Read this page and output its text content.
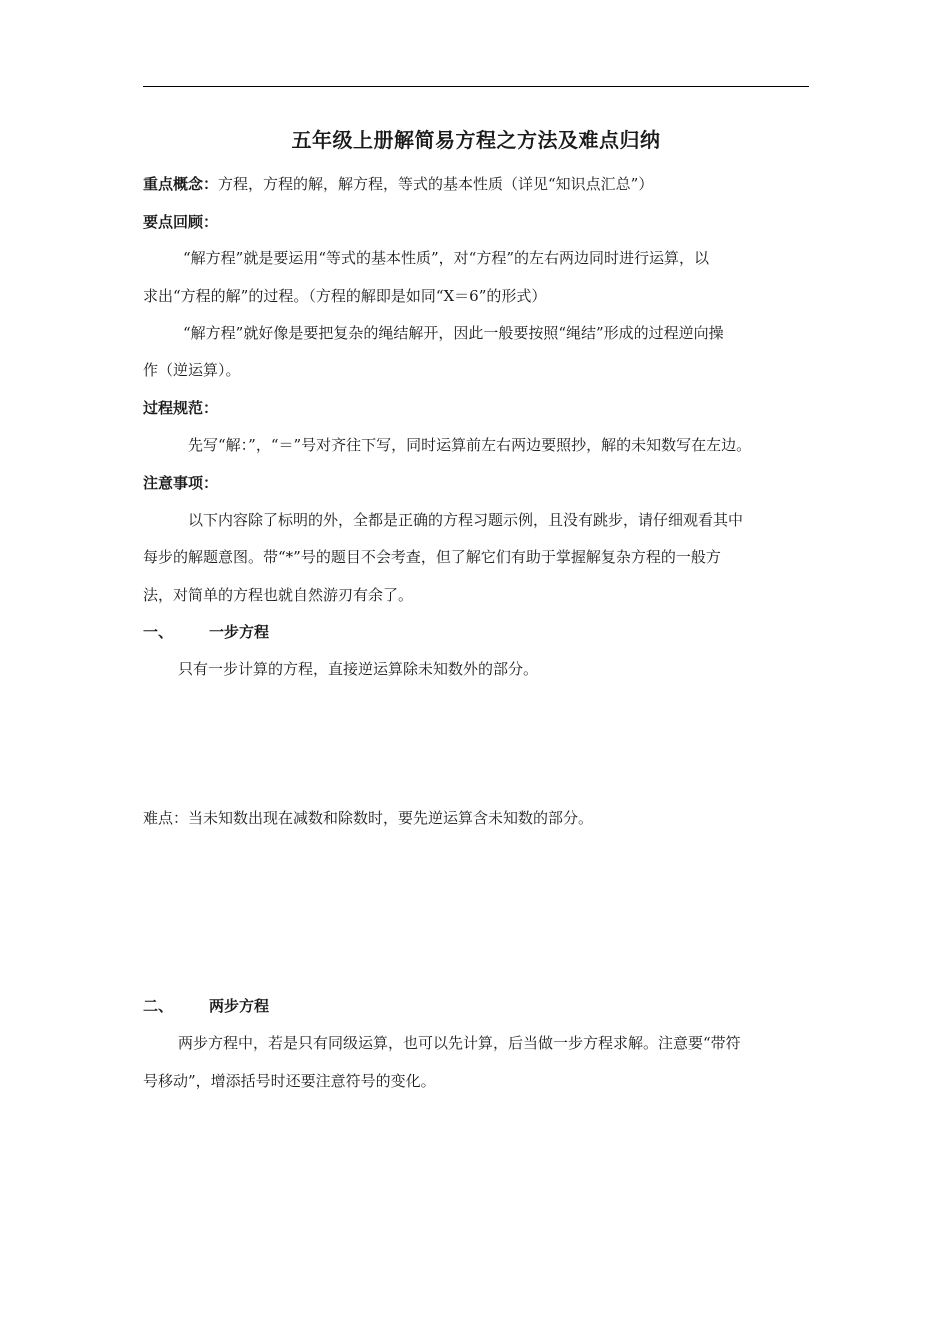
五年级上册解简易方程之方法及难点归纳
重点概念：方程，方程的解，解方程，等式的基本性质（详见“知识点汇总”）
要点回顾：
“解方程”就是要运用“等式的基本性质”，对“方程”的左右两边同时进行运算，以
求出“方程的解”的过程。（方程的解即是如同“X＝6”的形式）
“解方程”就好像是要把复杂的绳结解开，因此一般要按照“绳结”形成的过程逆向操
作（逆运算）。
过程规范：
先写“解：”，“＝”号对齐往下写，同时运算前左右两边要照抄，解的未知数写在左边。
注意事项：
以下内容除了标明的外，全都是正确的方程习题示例，且没有跳步，请仔细观看其中
每步的解题意图。带“*”号的题目不会考查，但了解它们有助于掌握解复杂方程的一般方
法，对简单的方程也就自然游刃有余了。
一、 一步方程
只有一步计算的方程，直接逆运算除未知数外的部分。
难点：当未知数出现在减数和除数时，要先逆运算含未知数的部分。
二、 两步方程
两步方程中，若是只有同级运算，也可以先计算，后当做一步方程求解。注意要“带符
号移动”，增添括号时还要注意符号的变化。
